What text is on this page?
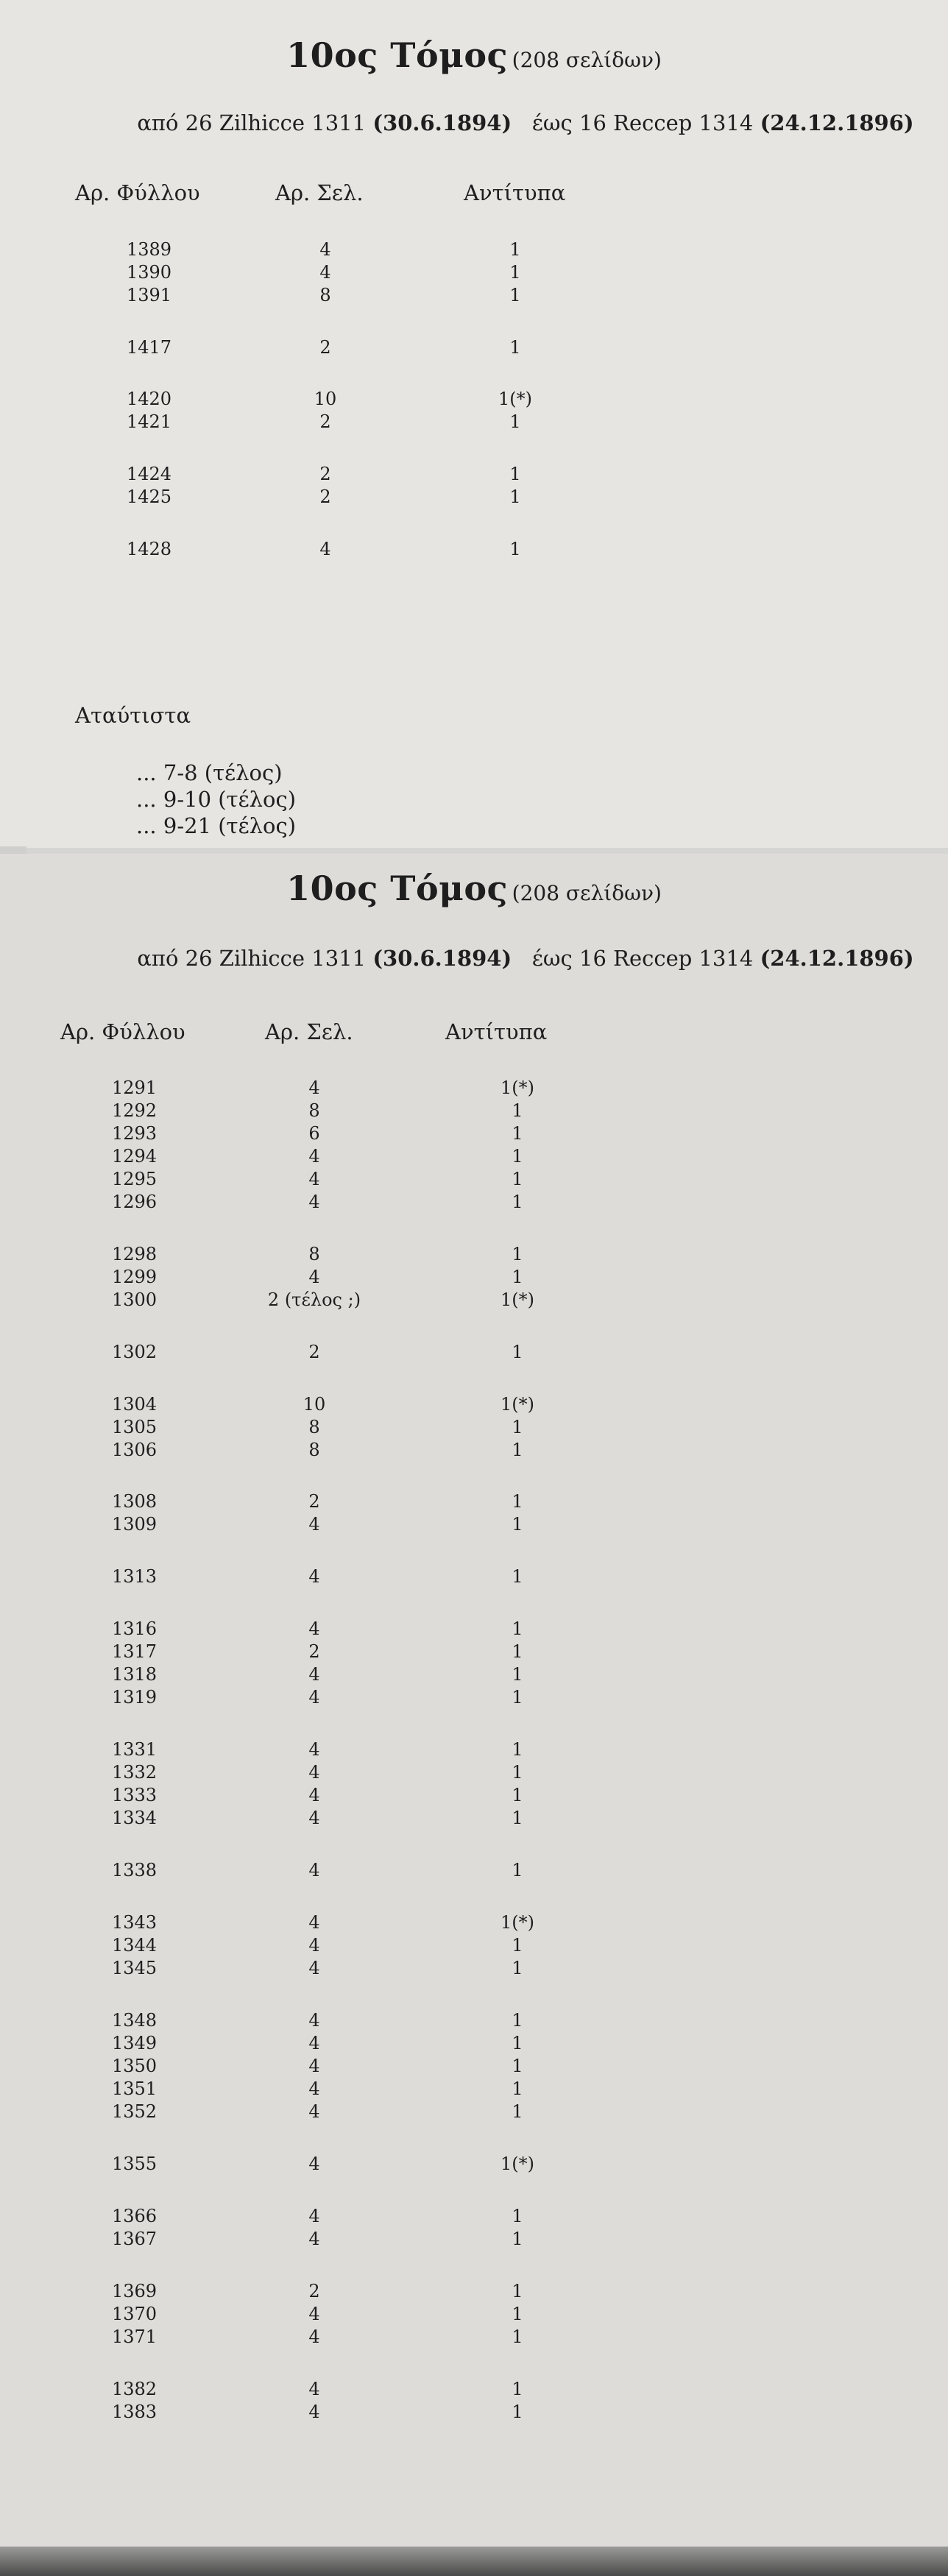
10ος Τόμος (208 σελίδων)
από 26 Zilhicce 1311 (30.6.1894) έως 16 Reccep 1314 (24.12.1896)
Αρ. Φύλλου	Αρ. Σελ.	Αντίτυπα
1389	4	1
1390	4	1
1391	8	1
1417	2	1
1420	10	1(*)
1421	2	1
1424	2	1
1425	2	1
1428	4	1
Αταύτιστα
... 7-8 (τέλος)
... 9-10 (τέλος)
... 9-21 (τέλος)
10ος Τόμος (208 σελίδων)
από 26 Zilhicce 1311 (30.6.1894) έως 16 Reccep 1314 (24.12.1896)
Αρ. Φύλλου	Αρ. Σελ.	Αντίτυπα
1291	4	1(*)
1292	8	1
1293	6	1
1294	4	1
1295	4	1
1296	4	1
1298	8	1
1299	4	1
1300	2 (τέλος ;)	1(*)
1302	2	1
1304	10	1(*)
1305	8	1
1306	8	1
1308	2	1
1309	4	1
1313	4	1
1316	4	1
1317	2	1
1318	4	1
1319	4	1
1331	4	1
1332	4	1
1333	4	1
1334	4	1
1338	4	1
1343	4	1(*)
1344	4	1
1345	4	1
1348	4	1
1349	4	1
1350	4	1
1351	4	1
1352	4	1
1355	4	1(*)
1366	4	1
1367	4	1
1369	2	1
1370	4	1
1371	4	1
1382	4	1
1383	4	1
